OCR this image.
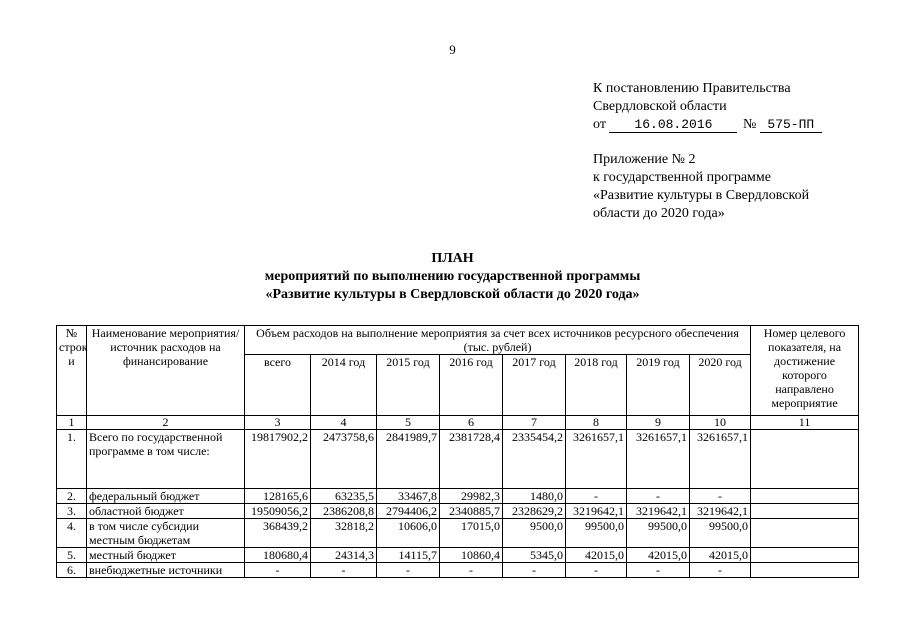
9
К постановлению Правительства
Свердловской области
от 16.08.2016 № 575-ПП
Приложение № 2
к государственной программе
«Развитие культуры в Свердловской
области до 2020 года»
ПЛАН
мероприятий по выполнению государственной программы
«Развитие культуры в Свердловской области до 2020 года»
№ строк и	Наименование мероприятия/ источник расходов на финансирование	Объем расходов на выполнение мероприятия за счет всех источников ресурсного обеспечения (тыс. рублей)								Номер целевого показателя, на достижение которого направлено мероприятие
		всего	2014 год	2015 год	2016 год	2017 год	2018 год	2019 год	2020 год	
1	2	3	4	5	6	7	8	9	10	11
1.	Всего по государственной программе в том числе:	19817902,2	2473758,6	2841989,7	2381728,4	2335454,2	3261657,1	3261657,1	3261657,1	
2.	федеральный бюджет	128165,6	63235,5	33467,8	29982,3	1480,0	-	-	-	
3.	областной бюджет	19509056,2	2386208,8	2794406,2	2340885,7	2328629,2	3219642,1	3219642,1	3219642,1	
4.	в том числе субсидии местным бюджетам	368439,2	32818,2	10606,0	17015,0	9500,0	99500,0	99500,0	99500,0	
5.	местный бюджет	180680,4	24314,3	14115,7	10860,4	5345,0	42015,0	42015,0	42015,0	
6.	внебюджетные источники	-	-	-	-	-	-	-	-	
